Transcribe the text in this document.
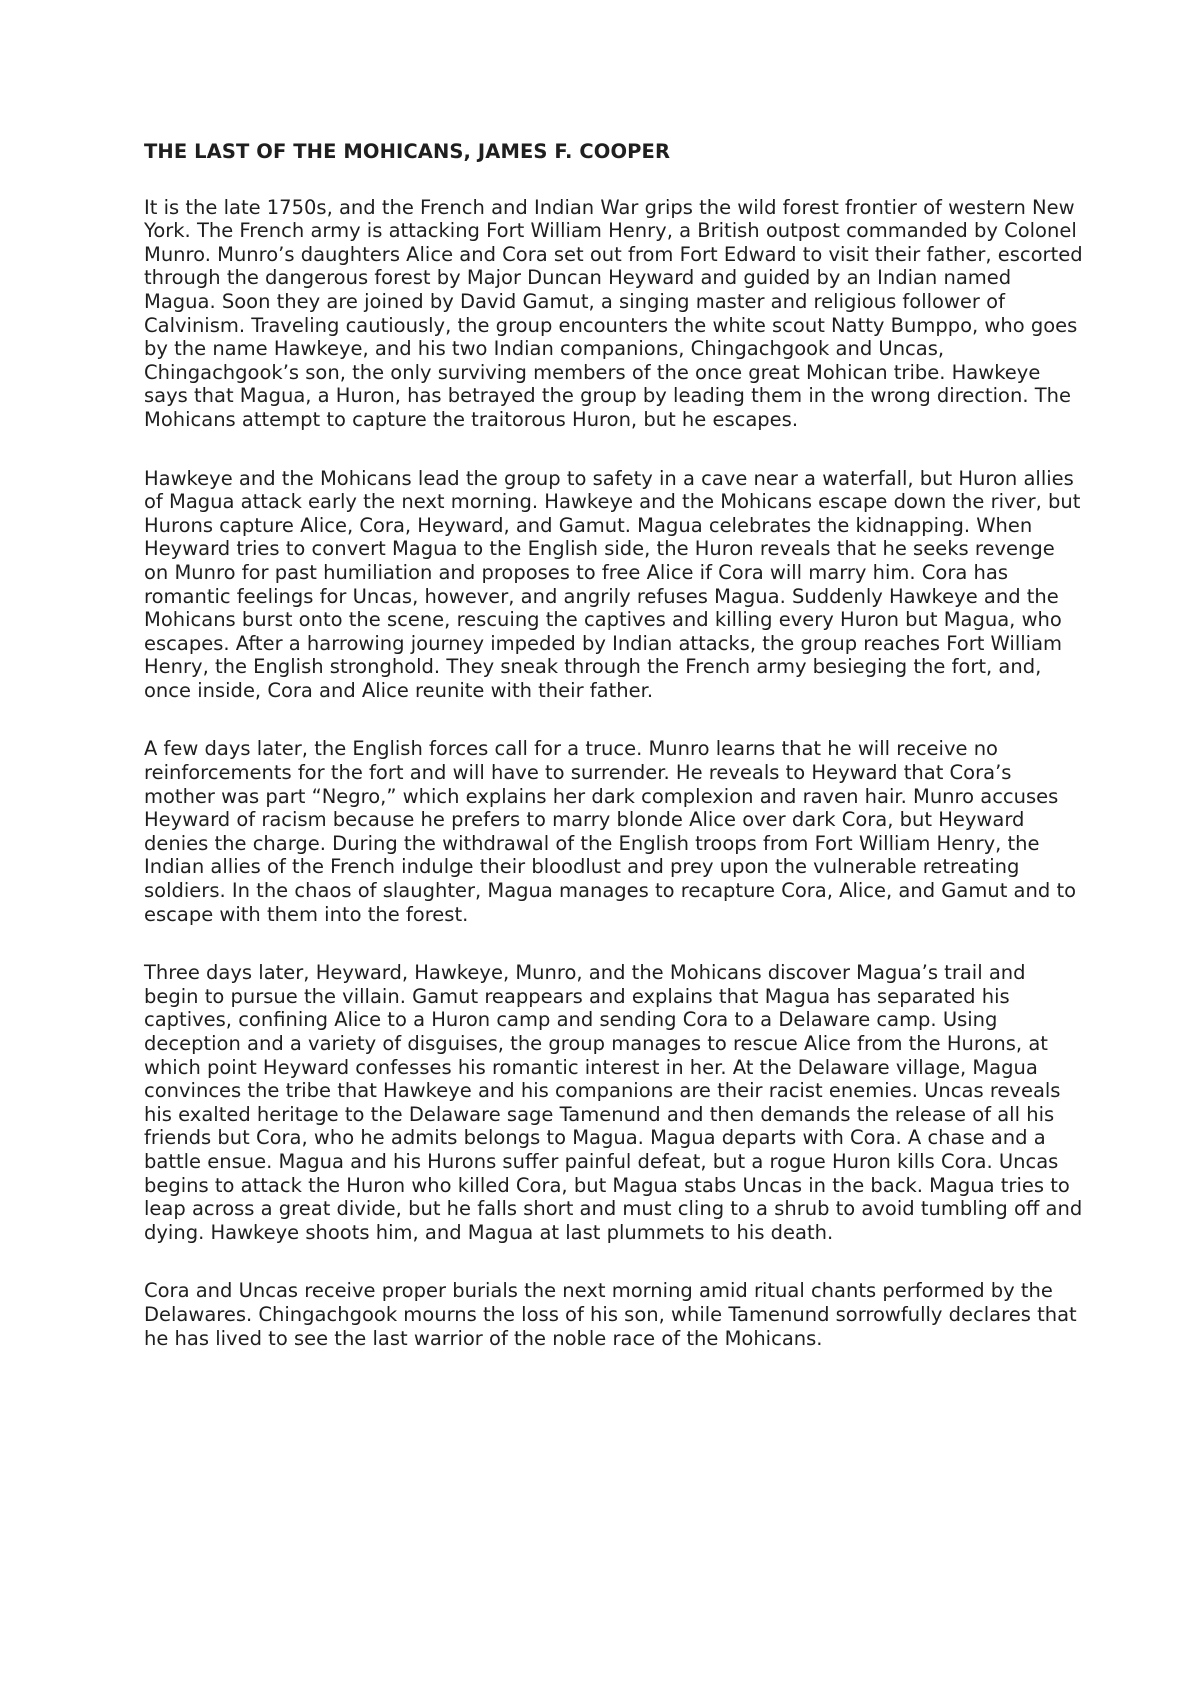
THE LAST OF THE MOHICANS, JAMES F. COOPER

It is the late 1750s, and the French and Indian War grips the wild forest frontier of western New York. The French army is attacking Fort William Henry, a British outpost commanded by Colonel Munro. Munro’s daughters Alice and Cora set out from Fort Edward to visit their father, escorted through the dangerous forest by Major Duncan Heyward and guided by an Indian named Magua. Soon they are joined by David Gamut, a singing master and religious follower of Calvinism. Traveling cautiously, the group encounters the white scout Natty Bumppo, who goes by the name Hawkeye, and his two Indian companions, Chingachgook and Uncas, Chingachgook’s son, the only surviving members of the once great Mohican tribe. Hawkeye says that Magua, a Huron, has betrayed the group by leading them in the wrong direction. The Mohicans attempt to capture the traitorous Huron, but he escapes.

Hawkeye and the Mohicans lead the group to safety in a cave near a waterfall, but Huron allies of Magua attack early the next morning. Hawkeye and the Mohicans escape down the river, but Hurons capture Alice, Cora, Heyward, and Gamut. Magua celebrates the kidnapping. When Heyward tries to convert Magua to the English side, the Huron reveals that he seeks revenge on Munro for past humiliation and proposes to free Alice if Cora will marry him. Cora has romantic feelings for Uncas, however, and angrily refuses Magua. Suddenly Hawkeye and the Mohicans burst onto the scene, rescuing the captives and killing every Huron but Magua, who escapes. After a harrowing journey impeded by Indian attacks, the group reaches Fort William Henry, the English stronghold. They sneak through the French army besieging the fort, and, once inside, Cora and Alice reunite with their father.

A few days later, the English forces call for a truce. Munro learns that he will receive no reinforcements for the fort and will have to surrender. He reveals to Heyward that Cora’s mother was part “Negro,” which explains her dark complexion and raven hair. Munro accuses Heyward of racism because he prefers to marry blonde Alice over dark Cora, but Heyward denies the charge. During the withdrawal of the English troops from Fort William Henry, the Indian allies of the French indulge their bloodlust and prey upon the vulnerable retreating soldiers. In the chaos of slaughter, Magua manages to recapture Cora, Alice, and Gamut and to escape with them into the forest.

Three days later, Heyward, Hawkeye, Munro, and the Mohicans discover Magua’s trail and begin to pursue the villain. Gamut reappears and explains that Magua has separated his captives, confining Alice to a Huron camp and sending Cora to a Delaware camp. Using deception and a variety of disguises, the group manages to rescue Alice from the Hurons, at which point Heyward confesses his romantic interest in her. At the Delaware village, Magua convinces the tribe that Hawkeye and his companions are their racist enemies. Uncas reveals his exalted heritage to the Delaware sage Tamenund and then demands the release of all his friends but Cora, who he admits belongs to Magua. Magua departs with Cora. A chase and a battle ensue. Magua and his Hurons suffer painful defeat, but a rogue Huron kills Cora. Uncas begins to attack the Huron who killed Cora, but Magua stabs Uncas in the back. Magua tries to leap across a great divide, but he falls short and must cling to a shrub to avoid tumbling off and dying. Hawkeye shoots him, and Magua at last plummets to his death.

Cora and Uncas receive proper burials the next morning amid ritual chants performed by the Delawares. Chingachgook mourns the loss of his son, while Tamenund sorrowfully declares that he has lived to see the last warrior of the noble race of the Mohicans.
